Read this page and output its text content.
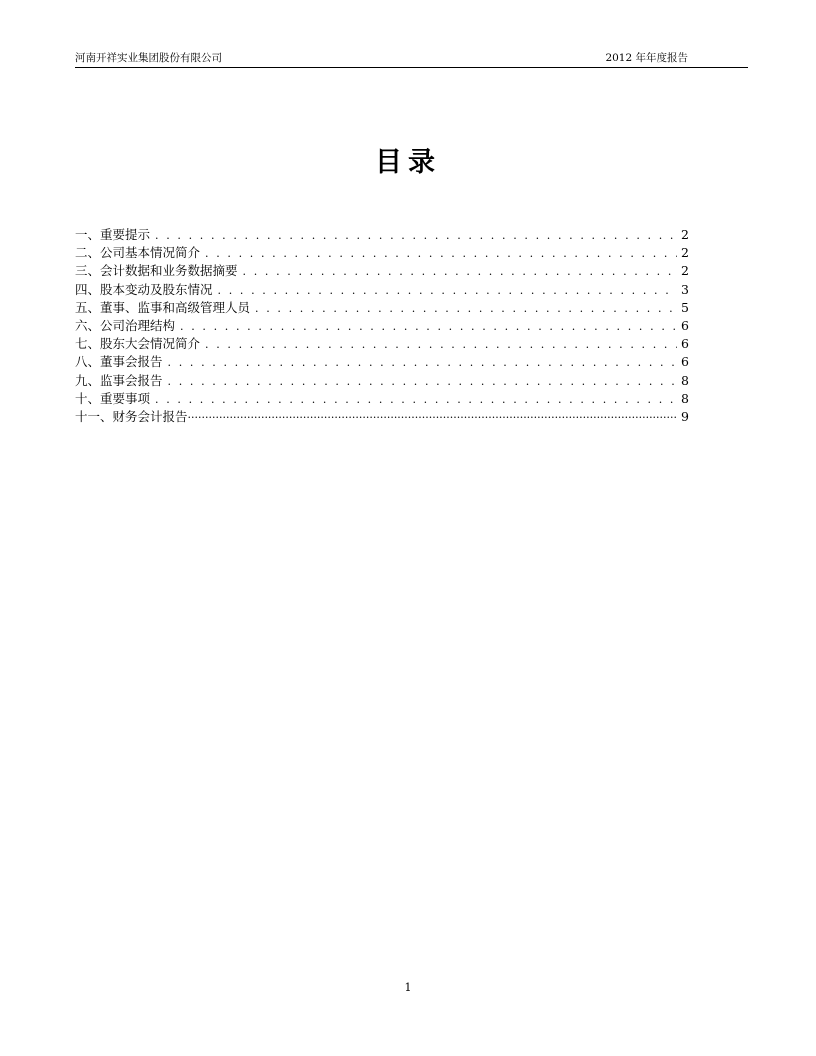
河南开祥实业集团股份有限公司	2012 年年度报告
目录
一、重要提示 . . .	2
二、公司基本情况简介 . . .	2
三、会计数据和业务数据摘要 . . .	2
四、股本变动及股东情况 . . .	3
五、董事、监事和高级管理人员 . . .	5
六、公司治理结构 . . .	6
七、股东大会情况简介 . . .	6
八、董事会报告 . . .	6
九、监事会报告 . . .	8
十、重要事项 . . .	8
十一、财务会计报告 ·····	9
1
